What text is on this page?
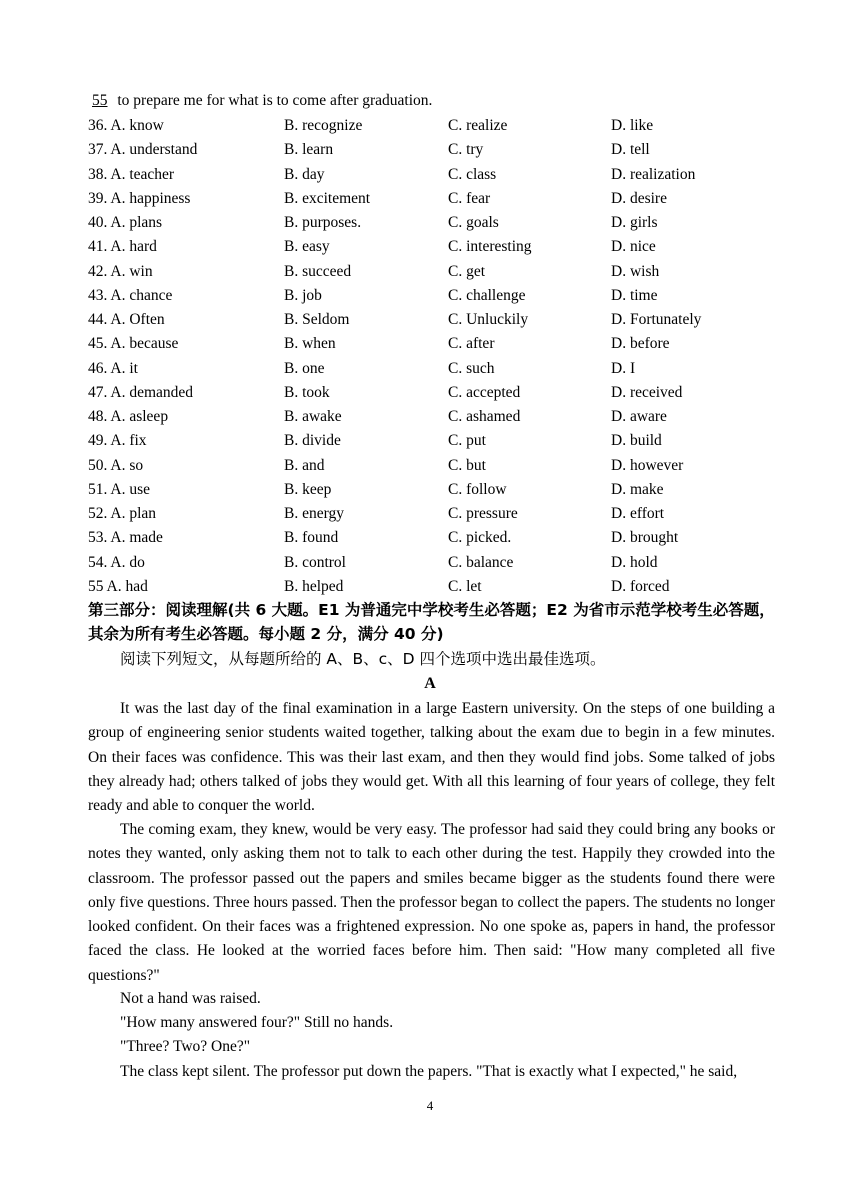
55 to prepare me for what is to come after graduation.
36. A. know	B. recognize	C. realize	D. like
37. A. understand	B. learn	C. try	D. tell
38. A. teacher	B. day	C. class	D. realization
39. A. happiness	B. excitement	C. fear	D. desire
40. A. plans	B. purposes.	C. goals	D. girls
41. A. hard	B. easy	C. interesting	D. nice
42. A. win	B. succeed	C. get	D. wish
43. A. chance	B. job	C. challenge	D. time
44. A. Often	B. Seldom	C. Unluckily	D. Fortunately
45. A. because	B. when	C. after	D. before
46. A. it	B. one	C. such	D. I
47. A. demanded	B. took	C. accepted	D. received
48. A. asleep	B. awake	C. ashamed	D. aware
49. A. fix	B. divide	C. put	D. build
50. A. so	B. and	C. but	D. however
51. A. use	B. keep	C. follow	D. make
52. A. plan	B. energy	C. pressure	D. effort
53. A. made	B. found	C. picked.	D. brought
54. A. do	B. control	C. balance	D. hold
55 A. had	B. helped	C. let	D. forced
第三部分：阅读理解(共 6 大题。E1 为普通完中学校考生必答题；E2 为省市示范学校考生必答题，
其余为所有考生必答题。每小题 2 分，满分 40 分)
阅读下列短文，从每题所给的 A、B、c、D 四个选项中选出最佳选项。
A
It was the last day of the final examination in a large Eastern university. On the steps of one building a group of engineering senior students waited together, talking about the exam due to begin in a few minutes. On their faces was confidence. This was their last exam, and then they would find jobs. Some talked of jobs they already had; others talked of jobs they would get. With all this learning of four years of college, they felt ready and able to conquer the world.
The coming exam, they knew, would be very easy. The professor had said they could bring any books or notes they wanted, only asking them not to talk to each other during the test. Happily they crowded into the classroom. The professor passed out the papers and smiles became bigger as the students found there were only five questions. Three hours passed. Then the professor began to collect the papers. The students no longer looked confident. On their faces was a frightened expression. No one spoke as, papers in hand, the professor faced the class. He looked at the worried faces before him. Then said: "How many completed all five questions?"
Not a hand was raised.
"How many answered four?" Still no hands.
"Three? Two? One?"
The class kept silent. The professor put down the papers. "That is exactly what I expected," he said,
4
